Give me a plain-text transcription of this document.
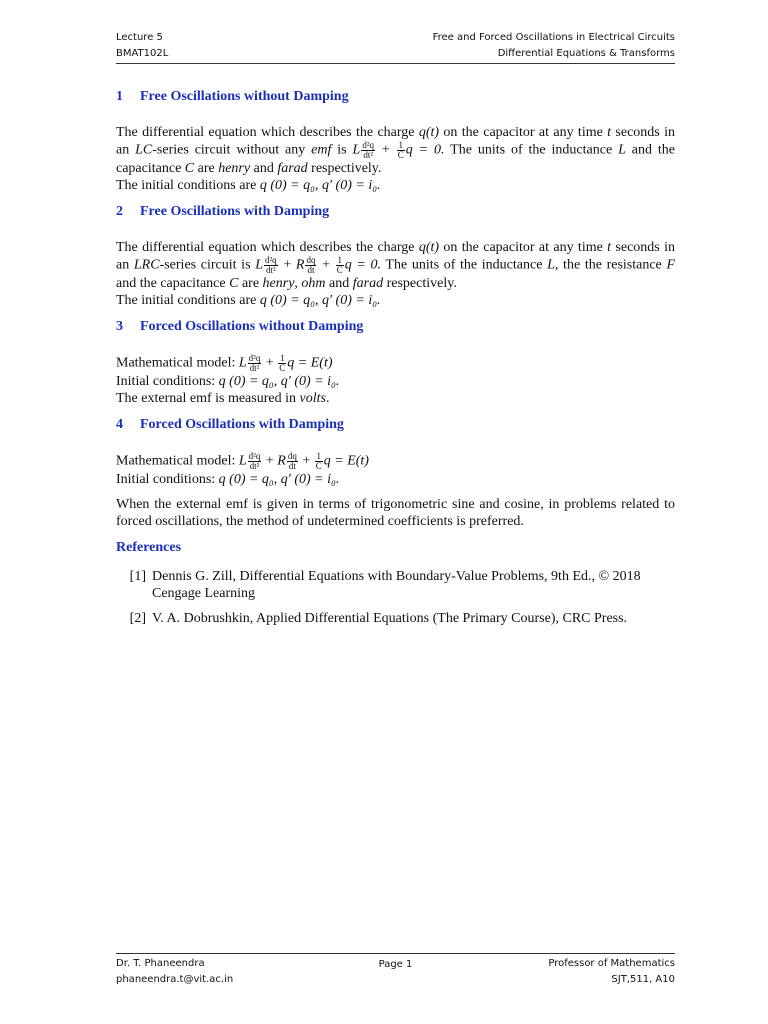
Lecture 5	Free and Forced Oscillations in Electrical Circuits
BMAT102L	Differential Equations & Transforms
1 Free Oscillations without Damping

The differential equation which describes the charge q(t) on the capacitor at any time t seconds in an LC-series circuit without any emf is L $\frac{\text{d²q}}{\text{dt²}} + \frac{1}{C}$ q = 0. The units of the inductance L and the capacitance C are henry and farad respectively.
The initial conditions are q (0) = q₀, q′ (0) = i₀.

2 Free Oscillations with Damping

The differential equation which describes the charge q(t) on the capacitor at any time t seconds in an LRC-series circuit is L $\frac{\text{d²q}}{\text{dt²}} + R \frac{dq}{dt} + \frac{1}{C}$ q = 0. The units of the inductance L, the the resistance F and the capacitance C are henry, ohm and farad respectively.
The initial conditions are q (0) = q₀, q′ (0) = i₀.

3 Forced Oscillations without Damping

Mathematical model: L $\frac{\text{d²q}}{\text{dt²}} + \frac{1}{C}$ q = E(t)
Initial conditions: q (0) = q₀, q′ (0) = i₀.
The external emf is measured in volts.

4 Forced Oscillations with Damping

Mathematical model: L $\frac{\text{d²q}}{\text{dt²}} + R \frac{dq}{dt} + \frac{1}{C}$ q = E(t)
Initial conditions: q (0) = q₀, q′ (0) = i₀.

When the external emf is given in terms of trigonometric sine and cosine, in problems related to forced oscillations, the method of undetermined coefficients is preferred.

References
[1] Dennis G. Zill, Differential Equations with Boundary-Value Problems, 9th Ed., © 2018 Cengage Learning
[2] V. A. Dobrushkin, Applied Differential Equations (The Primary Course), CRC Press.
Dr. T. Phaneendra	Professor of Mathematics
Page 1
phaneendra.t@vit.ac.in	SJT,511, A10
